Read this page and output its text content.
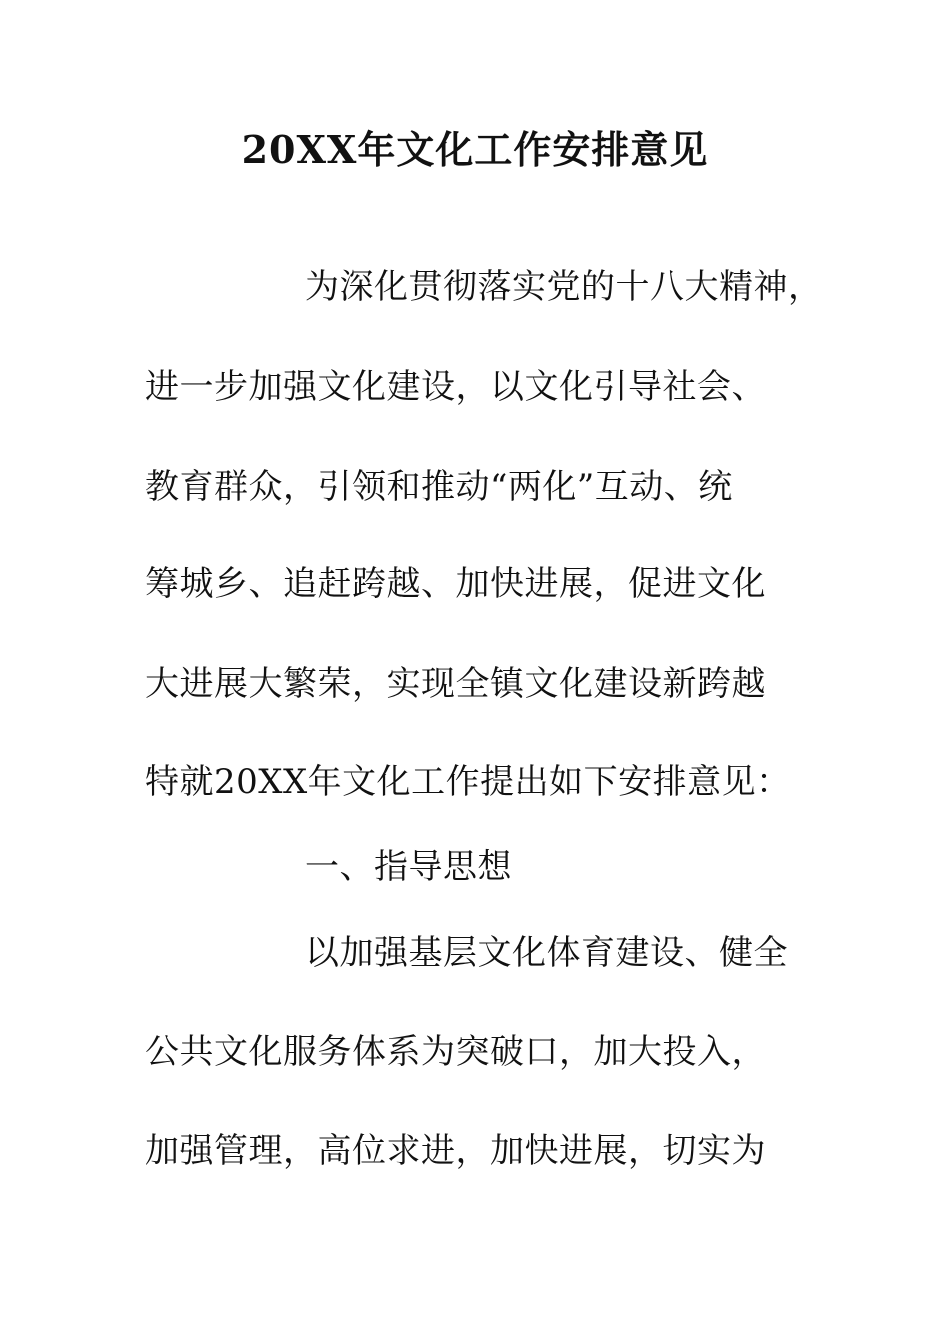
20XX年文化工作安排意见
为深化贯彻落实党的十八大精神，
进一步加强文化建设，以文化引导社会、
教育群众，引领和推动“两化”互动、统
筹城乡、追赶跨越、加快进展，促进文化
大进展大繁荣，实现全镇文化建设新跨越
特就20XX年文化工作提出如下安排意见：
一、指导思想
以加强基层文化体育建设、健全
公共文化服务体系为突破口，加大投入，
加强管理，高位求进，加快进展，切实为
